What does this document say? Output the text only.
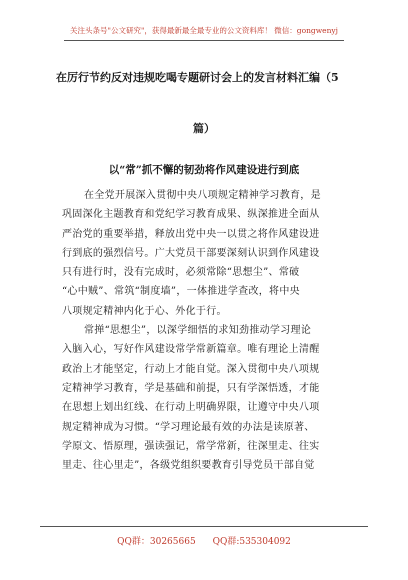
关注头条号"公文研究"，获得最新最全最专业的公文资料库！ 微信：gongwenyj
在厉行节约反对违规吃喝专题研讨会上的发言材料汇编（5
篇）
以“常”抓不懈的韧劲将作风建设进行到底
在全党开展深入贯彻中央八项规定精神学习教育，是
巩固深化主题教育和党纪学习教育成果、纵深推进全面从
严治党的重要举措，释放出党中央一以贯之将作风建设进
行到底的强烈信号。广大党员干部要深刻认识到作风建设
只有进行时，没有完成时，必须常除“思想尘”、常破
“心中贼”、常筑“制度墙”，一体推进学查改，将中央
八项规定精神内化于心、外化于行。
常掸“思想尘”，以深学细悟的求知劲推动学习理论
入脑入心，写好作风建设常学常新篇章。唯有理论上清醒
政治上才能坚定，行动上才能自觉。深入贯彻中央八项规
定精神学习教育，学是基础和前提，只有学深悟透，才能
在思想上划出红线、在行动上明确界限，让遵守中央八项
规定精神成为习惯。“学习理论最有效的办法是读原著、
学原文、悟原理，强读强记，常学常新，往深里走、往实
里走、往心里走”，各级党组织要教育引导党员干部自觉
QQ群：30265665 QQ群:535304092
